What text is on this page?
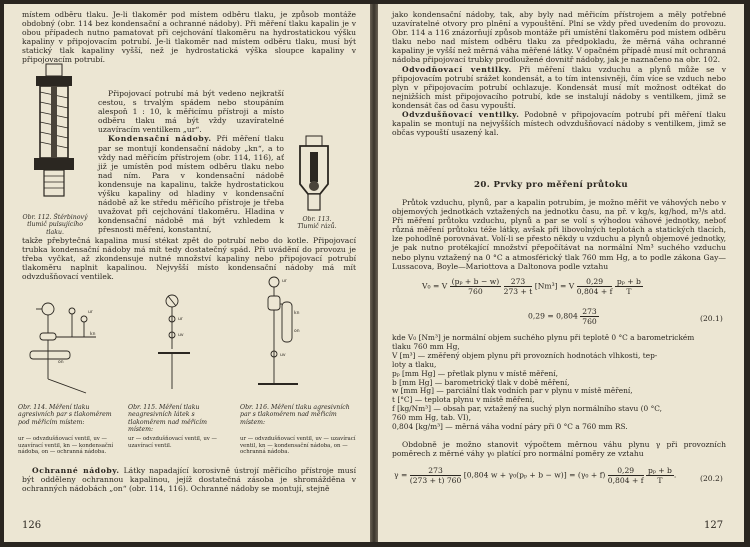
místem odběru tlaku. Je-li tlakoměr pod místem odběru tlaku, je způsob montáže obdobný (obr. 114 bez kondensační a ochranné nádoby). Při měření tlaku kapalin je v obou případech nutno pamatovat při cejchování tlakoměru na hydrostatickou výšku kapaliny v připojovacím potrubí. Je-li tlakoměr nad místem odběru tlaku, musí být statický tlak kapaliny vyšší, než je hydrostatická výška sloupce kapaliny v připojovacím potrubí.

Obr. 112. Štěrbinový tlumič pulsujícího tlaku.

Připojovací potrubí má být vedeno nejkratší cestou, s trvalým spádem nebo stoupáním alespoň 1 : 10, k měřicímu přístroji a místo odběru tlaku má být vždy uzavíratelné uzavíracím ventilkem „ur“.

Kondensační nádoby. Při měření tlaku par se montují kondensační nádoby „kn“, a to vždy nad měřicím přístrojem (obr. 114, 116), ať již je umístěn pod místem odběru tlaku nebo nad ním. Para v kondensační nádobě kondensuje na kapalinu, takže hydrostatickou výšku kapaliny od hladiny v kondensační nádobě až ke středu měřicího přístroje je třeba uvažovat při cejchování tlakoměru. Hladina v kondensační nádobě má být vzhledem k přesnosti měření, konstantní,

Obr. 113. Tlumič rázů.

takže přebytečná kapalina musí stékat zpět do potrubí nebo do kotle. Připojovací trubka kondensační nádoby má mít tedy dostatečný spád. Při uvádění do provozu je třeba vyčkat, až zkondensuje nutné množství kapaliny nebo připojovací potrubí tlakoměru naplnit kapalinou. Nejvyšší místo kondensační nádoby má mít odvzdušňovací ventilek.

kn
ur
on
ur
uv
ur
kn
on
uv
Obr. 114. Měření tlaku agresivních par s tlakoměrem pod měřicím místem:
ur — odvzdušňovací ventil, uv — uzavírací ventil, kn — kondensační nádoba, on — ochranná nádoba.
Obr. 115. Měření tlaku neagresivních látek s tlakoměrem nad měřicím místem:
ur — odvzdušňovací ventil, uv — uzavírací ventil.
Obr. 116. Měření tlaku agresivních par s tlakoměrem nad měřicím místem:
ur — odvzdušňovací ventil, uv — uzavírací ventil, kn — kondensační nádoba, on — ochranná nádoba.

Ochranné nádoby. Látky napadající korosivně ústrojí měřicího přístroje musí být odděleny ochrannou kapalinou, jejíž dostatečná zásoba je shromážděna v ochranných nádobách „on“ (obr. 114, 116). Ochranné nádoby se montují, stejně

126

jako kondensační nádoby, tak, aby byly nad měřicím přístrojem a měly potřebné uzavíratelné otvory pro plnění a vypouštění. Plní se vždy před uvedením do provozu. Obr. 114 a 116 znázorňují způsob montáže při umístění tlakoměru pod místem odběru tlaku nebo nad místem odběru tlaku za předpokladu, že měrná váha ochranné kapaliny je vyšší než měrná váha měřené látky. V opačném případě musí mít ochranná nádoba připojovací trubky prodloužené dovnitř nádoby, jak je naznačeno na obr. 102.

Odvodňovací ventilky. Při měření tlaku vzduchu a plynů může se v připojovacím potrubí srážet kondensát, a to tím intensivněji, čím více se vzduch nebo plyn v připojovacím potrubí ochlazuje. Kondensát musí mít možnost odtékat do nejnižších míst připojovacího potrubí, kde se instalují nádoby s ventilkem, jimž se kondensát čas od času vypouští.

Odvzdušňovací ventilky. Podobně v připojovacím potrubí při měření tlaku kapalin se montují na nejvyšších místech odvzdušňovací nádoby s ventilkem, jimž se občas vypouští usazený kal.

20. Prvky pro měření průtoku

Průtok vzduchu, plynů, par a kapalin potrubím, je možno měřit ve váhových nebo v objemových jednotkách vztažených na jednotku času, na př. v kg/s, kg/hod, m³/s atd. Při měření průtoku vzduchu, plynů a par se volí s výhodou váhové jednotky, neboť různá měření průtoku téže látky, avšak při libovolných teplotách a statických tlacích, lze pohodlně porovnávat. Volí-li se přesto někdy u vzduchu a plynů objemové jednotky, je pak nutno protékající množství přepočítávat na normální Nm³ suchého vzduchu nebo plynu vztažený na 0 °C a atmosférický tlak 760 mm Hg, a to podle zákona Gay—Lussacova, Boyle—Mariottova a Daltonova podle vztahu

V₀ = V $\frac{\text{(pₚ + b − w)}}{760}$
$\frac{273}{273 + t} [Nm^3] = V \frac{0,29}{0,804 + f}$
$\frac{\text{pₚ + b}}{T}$
$0,29 = 0,804 \frac{273}{760}$	(20.1)
kde V₀ [Nm³] je normální objem suchého plynu při teplotě 0 °C a barometrickém
tlaku 760 mm Hg,
V [m³] — změřený objem plynu při provozních hodnotách vlhkosti, tep-
loty a tlaku,
pₚ [mm Hg] — přetlak plynu v místě měření,
b [mm Hg] — barometrický tlak v době měření,
w [mm Hg] — parciální tlak vodních par v plynu v místě měření,
t [°C] — teplota plynu v místě měření,
f [kg/Nm³] — obsah par, vztažený na suchý plyn normálního stavu (0 °C,
760 mm Hg, tab. VI),
0,804 [kg/m³] — měrná váha vodní páry při 0 °C a 760 mm RS.

Obdobně je možno stanovit výpočtem měrnou váhu plynu γ při provozních poměrech z měrné váhy γ₀ platící pro normální poměry ze vztahu

$\gamma = \frac{273}{(273 + t) 760} [0,804$ $w + \gamma_0(p_p + b - w)] = (\gamma_0 + f) \frac{0,29}{0,804 + f}$
$\frac{\text{pₚ + b}}{T}$ .	(20.2)
127
